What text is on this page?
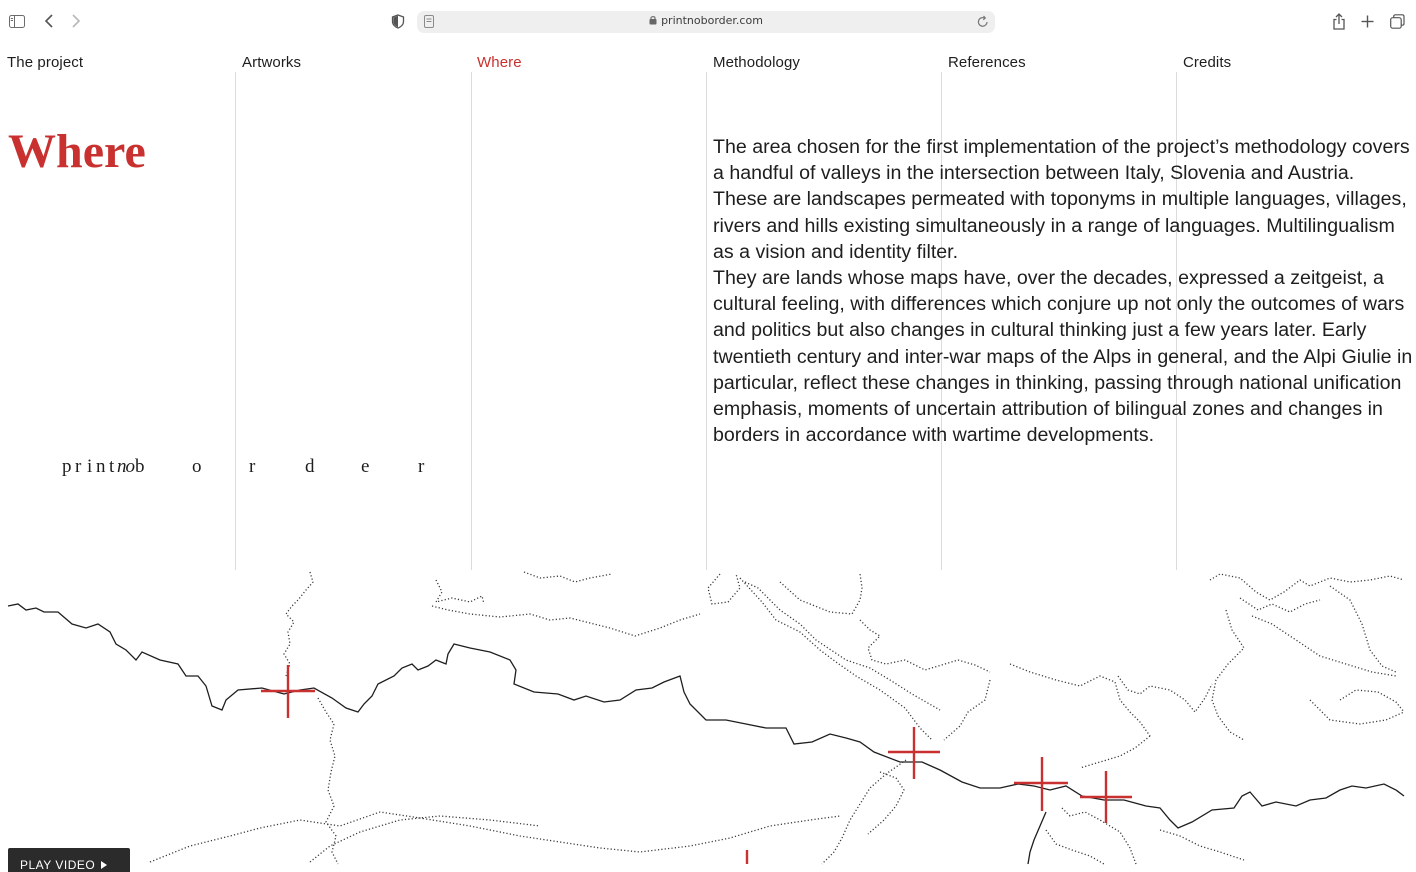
printnoborder.com
The project	Artworks	Where	Methodology	References	Credits
Where
p r i n t no b	o	r	d e	r

The area chosen for the first implementation of the project’s methodology covers a handful of valleys in the intersection between Italy, Slovenia and Austria.

These are landscapes permeated with toponyms in multiple languages, villages, rivers and hills existing simultaneously in a range of languages. Multilingualism as a vision and identity filter.

They are lands whose maps have, over the decades, expressed a zeitgeist, a cultural feeling, with differences which conjure up not only the outcomes of wars and politics but also changes in cultural thinking just a few years later. Early twentieth century and inter-war maps of the Alps in general, and the Alpi Giulie in particular, reflect these changes in thinking, passing through national unification emphasis, moments of uncertain attribution of bilingual zones and changes in borders in accordance with wartime developments.

PLAY VIDEO
